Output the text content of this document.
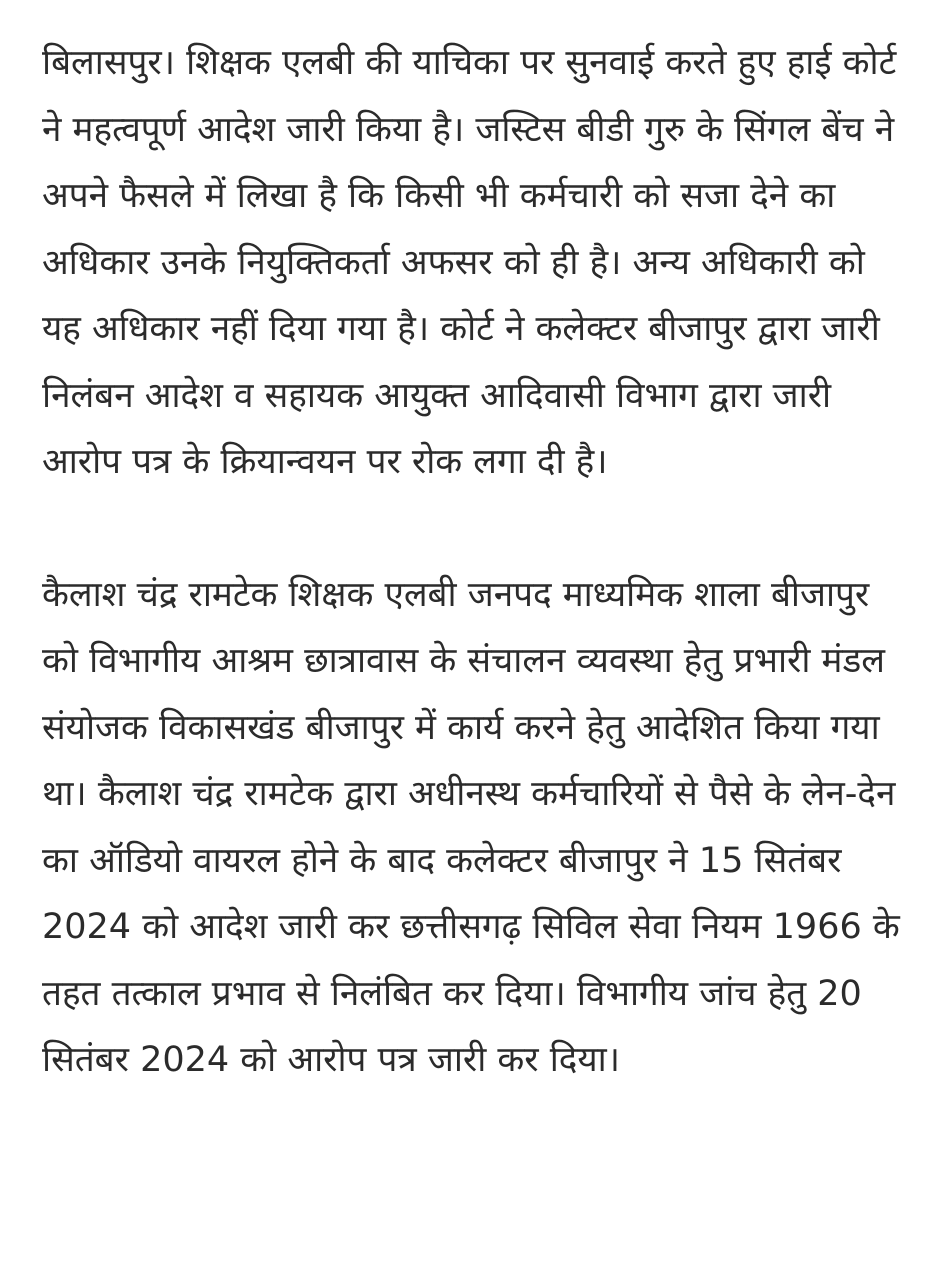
बिलासपुर। शिक्षक एलबी की याचिका पर सुनवाई करते हुए हाई कोर्ट ने महत्वपूर्ण आदेश जारी किया है। जस्टिस बीडी गुरु के सिंगल बेंच ने अपने फैसले में लिखा है कि किसी भी कर्मचारी को सजा देने का अधिकार उनके नियुक्तिकर्ता अफसर को ही है। अन्य अधिकारी को यह अधिकार नहीं दिया गया है। कोर्ट ने कलेक्टर बीजापुर द्वारा जारी निलंबन आदेश व सहायक आयुक्त आदिवासी विभाग द्वारा जारी आरोप पत्र के क्रियान्वयन पर रोक लगा दी है।

कैलाश चंद्र रामटेक शिक्षक एलबी जनपद माध्यमिक शाला बीजापुर को विभागीय आश्रम छात्रावास के संचालन व्यवस्था हेतु प्रभारी मंडल संयोजक विकासखंड बीजापुर में कार्य करने हेतु आदेशित किया गया था। कैलाश चंद्र रामटेक द्वारा अधीनस्थ कर्मचारियों से पैसे के लेन-देन का ऑडियो वायरल होने के बाद कलेक्टर बीजापुर ने 15 सितंबर 2024 को आदेश जारी कर छत्तीसगढ़ सिविल सेवा नियम 1966 के तहत तत्काल प्रभाव से निलंबित कर दिया। विभागीय जांच हेतु 20 सितंबर 2024 को आरोप पत्र जारी कर दिया।
